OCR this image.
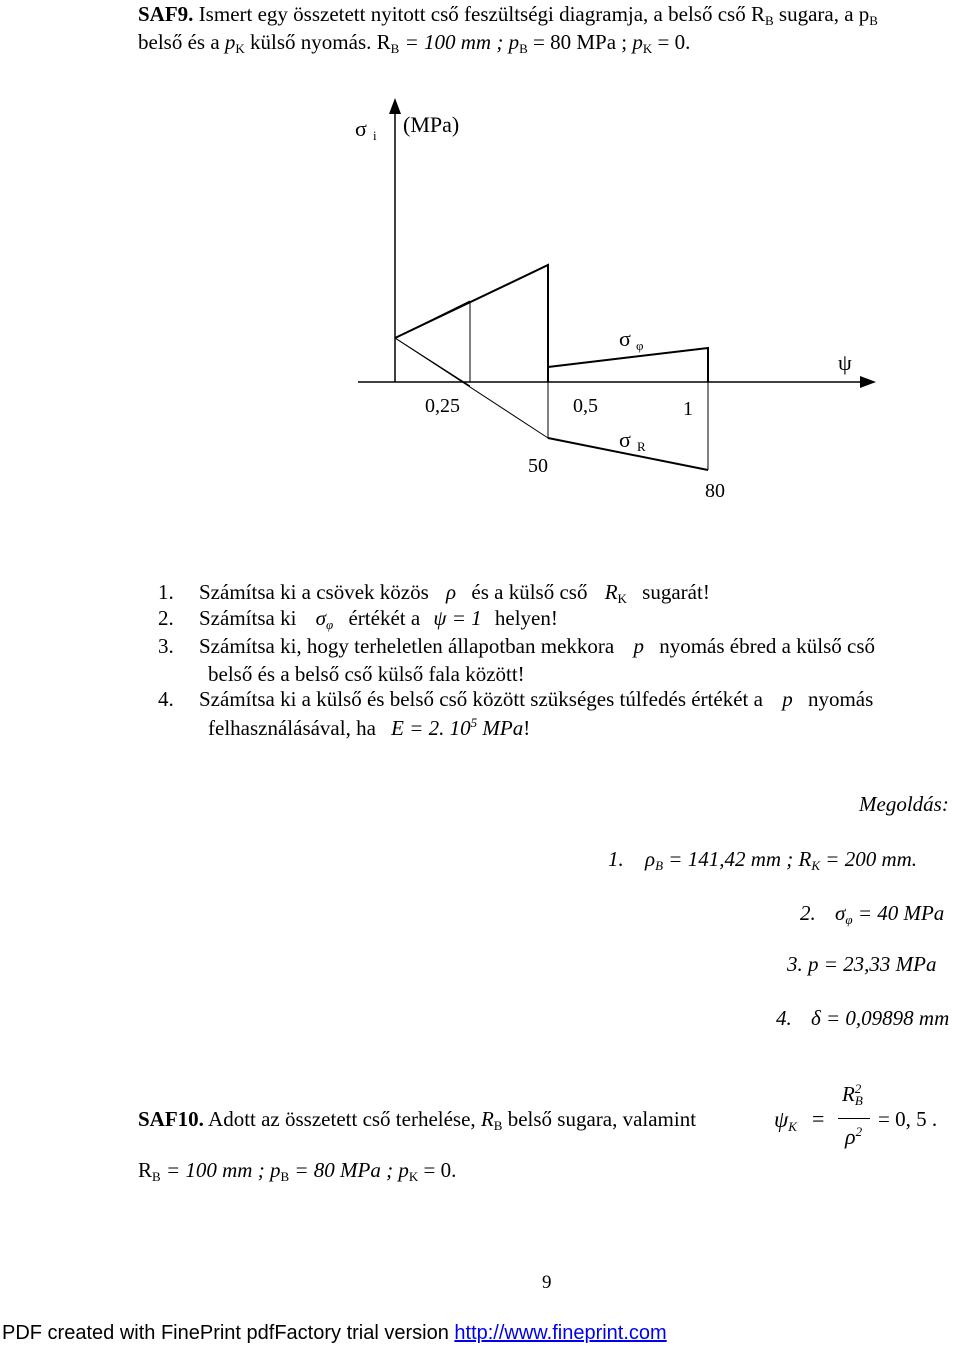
SAF9. Ismert egy összetett nyitott cső feszültségi diagramja, a belső cső $R_B$ sugara, a $p_B$
belső és a $p_K$ külső nyomás. $R_B = 100$ mm ; $p_B = 80$ MPa ; $p_K = 0$.
σ i (MPa)
ψ
0,25	0,5	1
σ φ
σ R
50
80
1. Számítsa ki a csövek közös ρ és a külső cső $R_K$ sugarát!
2. Számítsa ki $\sigma_\varphi$ értékét a ψ = 1 helyen!
3. Számítsa ki, hogy terheletlen állapotban mekkora p nyomás ébred a külső cső
belső és a belső cső külső fala között!
4. Számítsa ki a külső és belső cső között szükséges túlfedés értékét a p nyomás
felhasználásával, ha E = 2. $10^5$ MPa!
Megoldás:
1. $\rho_B = 141,42$ mm ; $R_K = 200$ mm.
2. $\sigma_\varphi = 40$ MPa
3. p = 23,33 MPa
4. δ = 0,09898 mm
SAF10. Adott az összetett cső terhelése, $R_B$ belső sugara, valamint	$\psi_K$ =
$R_B^2$
$\rho^2$
= 0, 5 .
$R_B = 100$ mm ; $p_B = 80$ MPa ; $p_K = 0$.
9
PDF created with FinePrint pdfFactory trial version http://www.fineprint.com
